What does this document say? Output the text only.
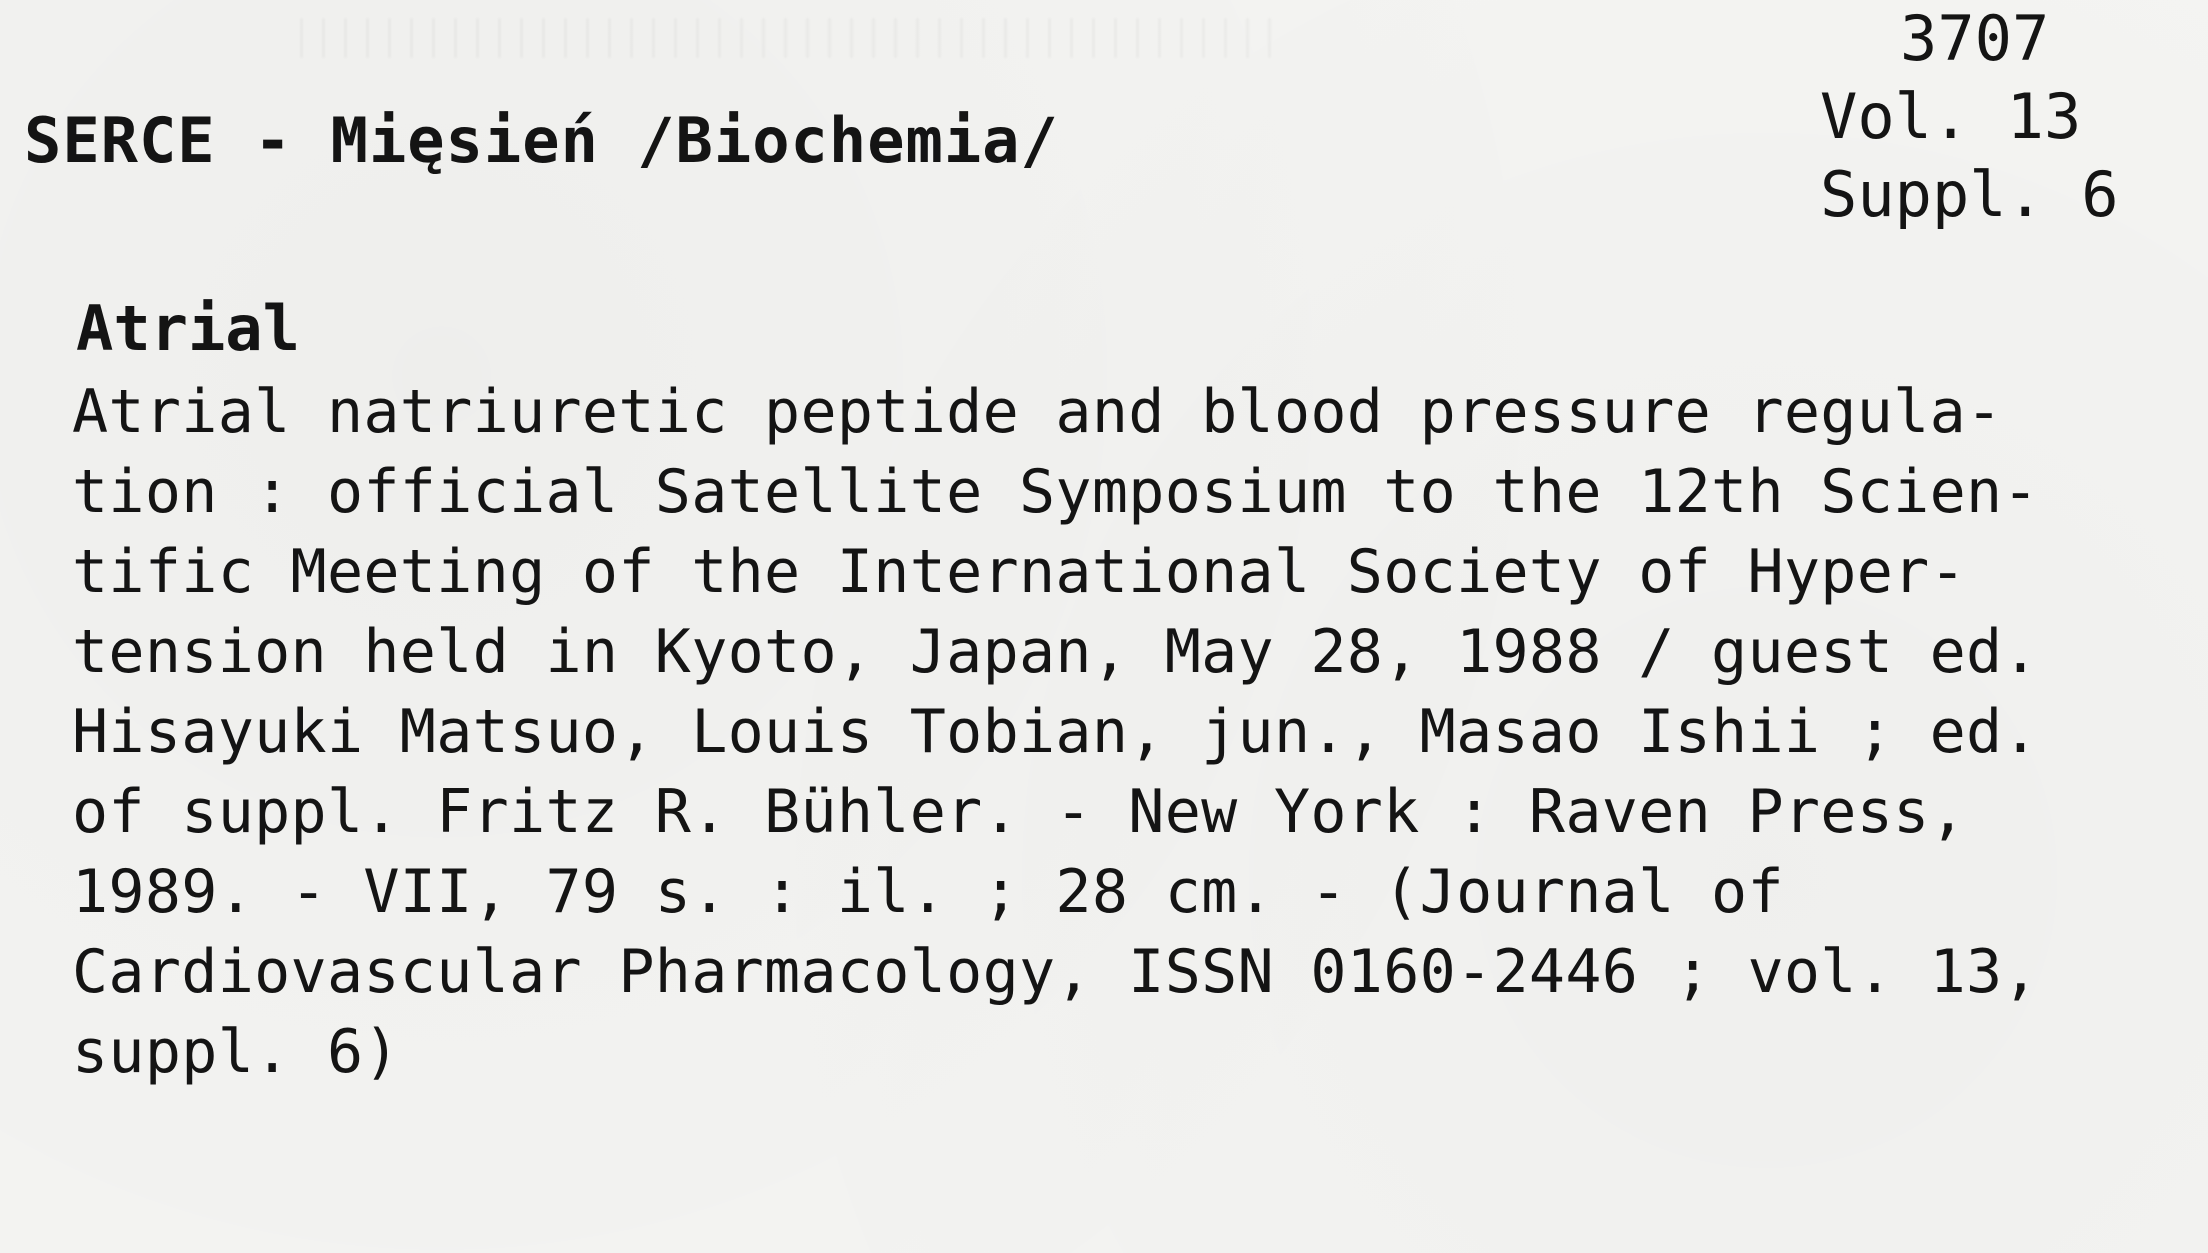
SERCE - Mięsień /Biochemia/
3707
Vol. 13
Suppl. 6
Atrial
Atrial natriuretic peptide and blood pressure regula-
tion : official Satellite Symposium to the 12th Scien-
tific Meeting of the International Society of Hyper-
tension held in Kyoto, Japan, May 28, 1988 / guest ed.
Hisayuki Matsuo, Louis Tobian, jun., Masao Ishii ; ed.
of suppl. Fritz R. Bühler. - New York : Raven Press,
1989. - VII, 79 s. : il. ; 28 cm. - (Journal of
Cardiovascular Pharmacology, ISSN 0160-2446 ; vol. 13,
suppl. 6)
